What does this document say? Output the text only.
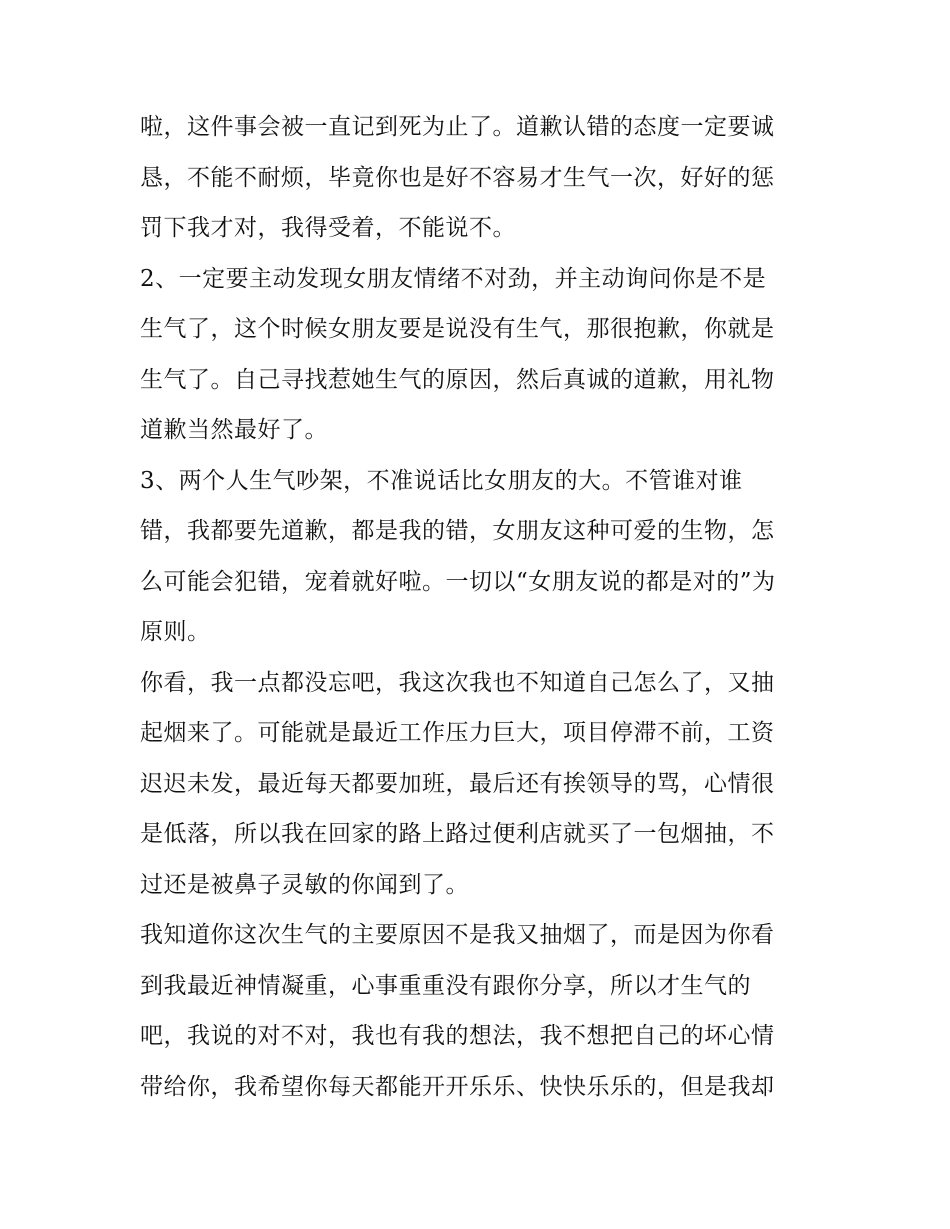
啦，这件事会被一直记到死为止了。道歉认错的态度一定要诚
恳，不能不耐烦，毕竟你也是好不容易才生气一次，好好的惩
罚下我才对，我得受着，不能说不。
2、一定要主动发现女朋友情绪不对劲，并主动询问你是不是
生气了，这个时候女朋友要是说没有生气，那很抱歉，你就是
生气了。自己寻找惹她生气的原因，然后真诚的道歉，用礼物
道歉当然最好了。
3、两个人生气吵架，不准说话比女朋友的大。不管谁对谁
错，我都要先道歉，都是我的错，女朋友这种可爱的生物，怎
么可能会犯错，宠着就好啦。一切以“女朋友说的都是对的”为
原则。
你看，我一点都没忘吧，我这次我也不知道自己怎么了，又抽
起烟来了。可能就是最近工作压力巨大，项目停滞不前，工资
迟迟未发，最近每天都要加班，最后还有挨领导的骂，心情很
是低落，所以我在回家的路上路过便利店就买了一包烟抽，不
过还是被鼻子灵敏的你闻到了。
我知道你这次生气的主要原因不是我又抽烟了，而是因为你看
到我最近神情凝重，心事重重没有跟你分享，所以才生气的
吧，我说的对不对，我也有我的想法，我不想把自己的坏心情
带给你，我希望你每天都能开开乐乐、快快乐乐的，但是我却
